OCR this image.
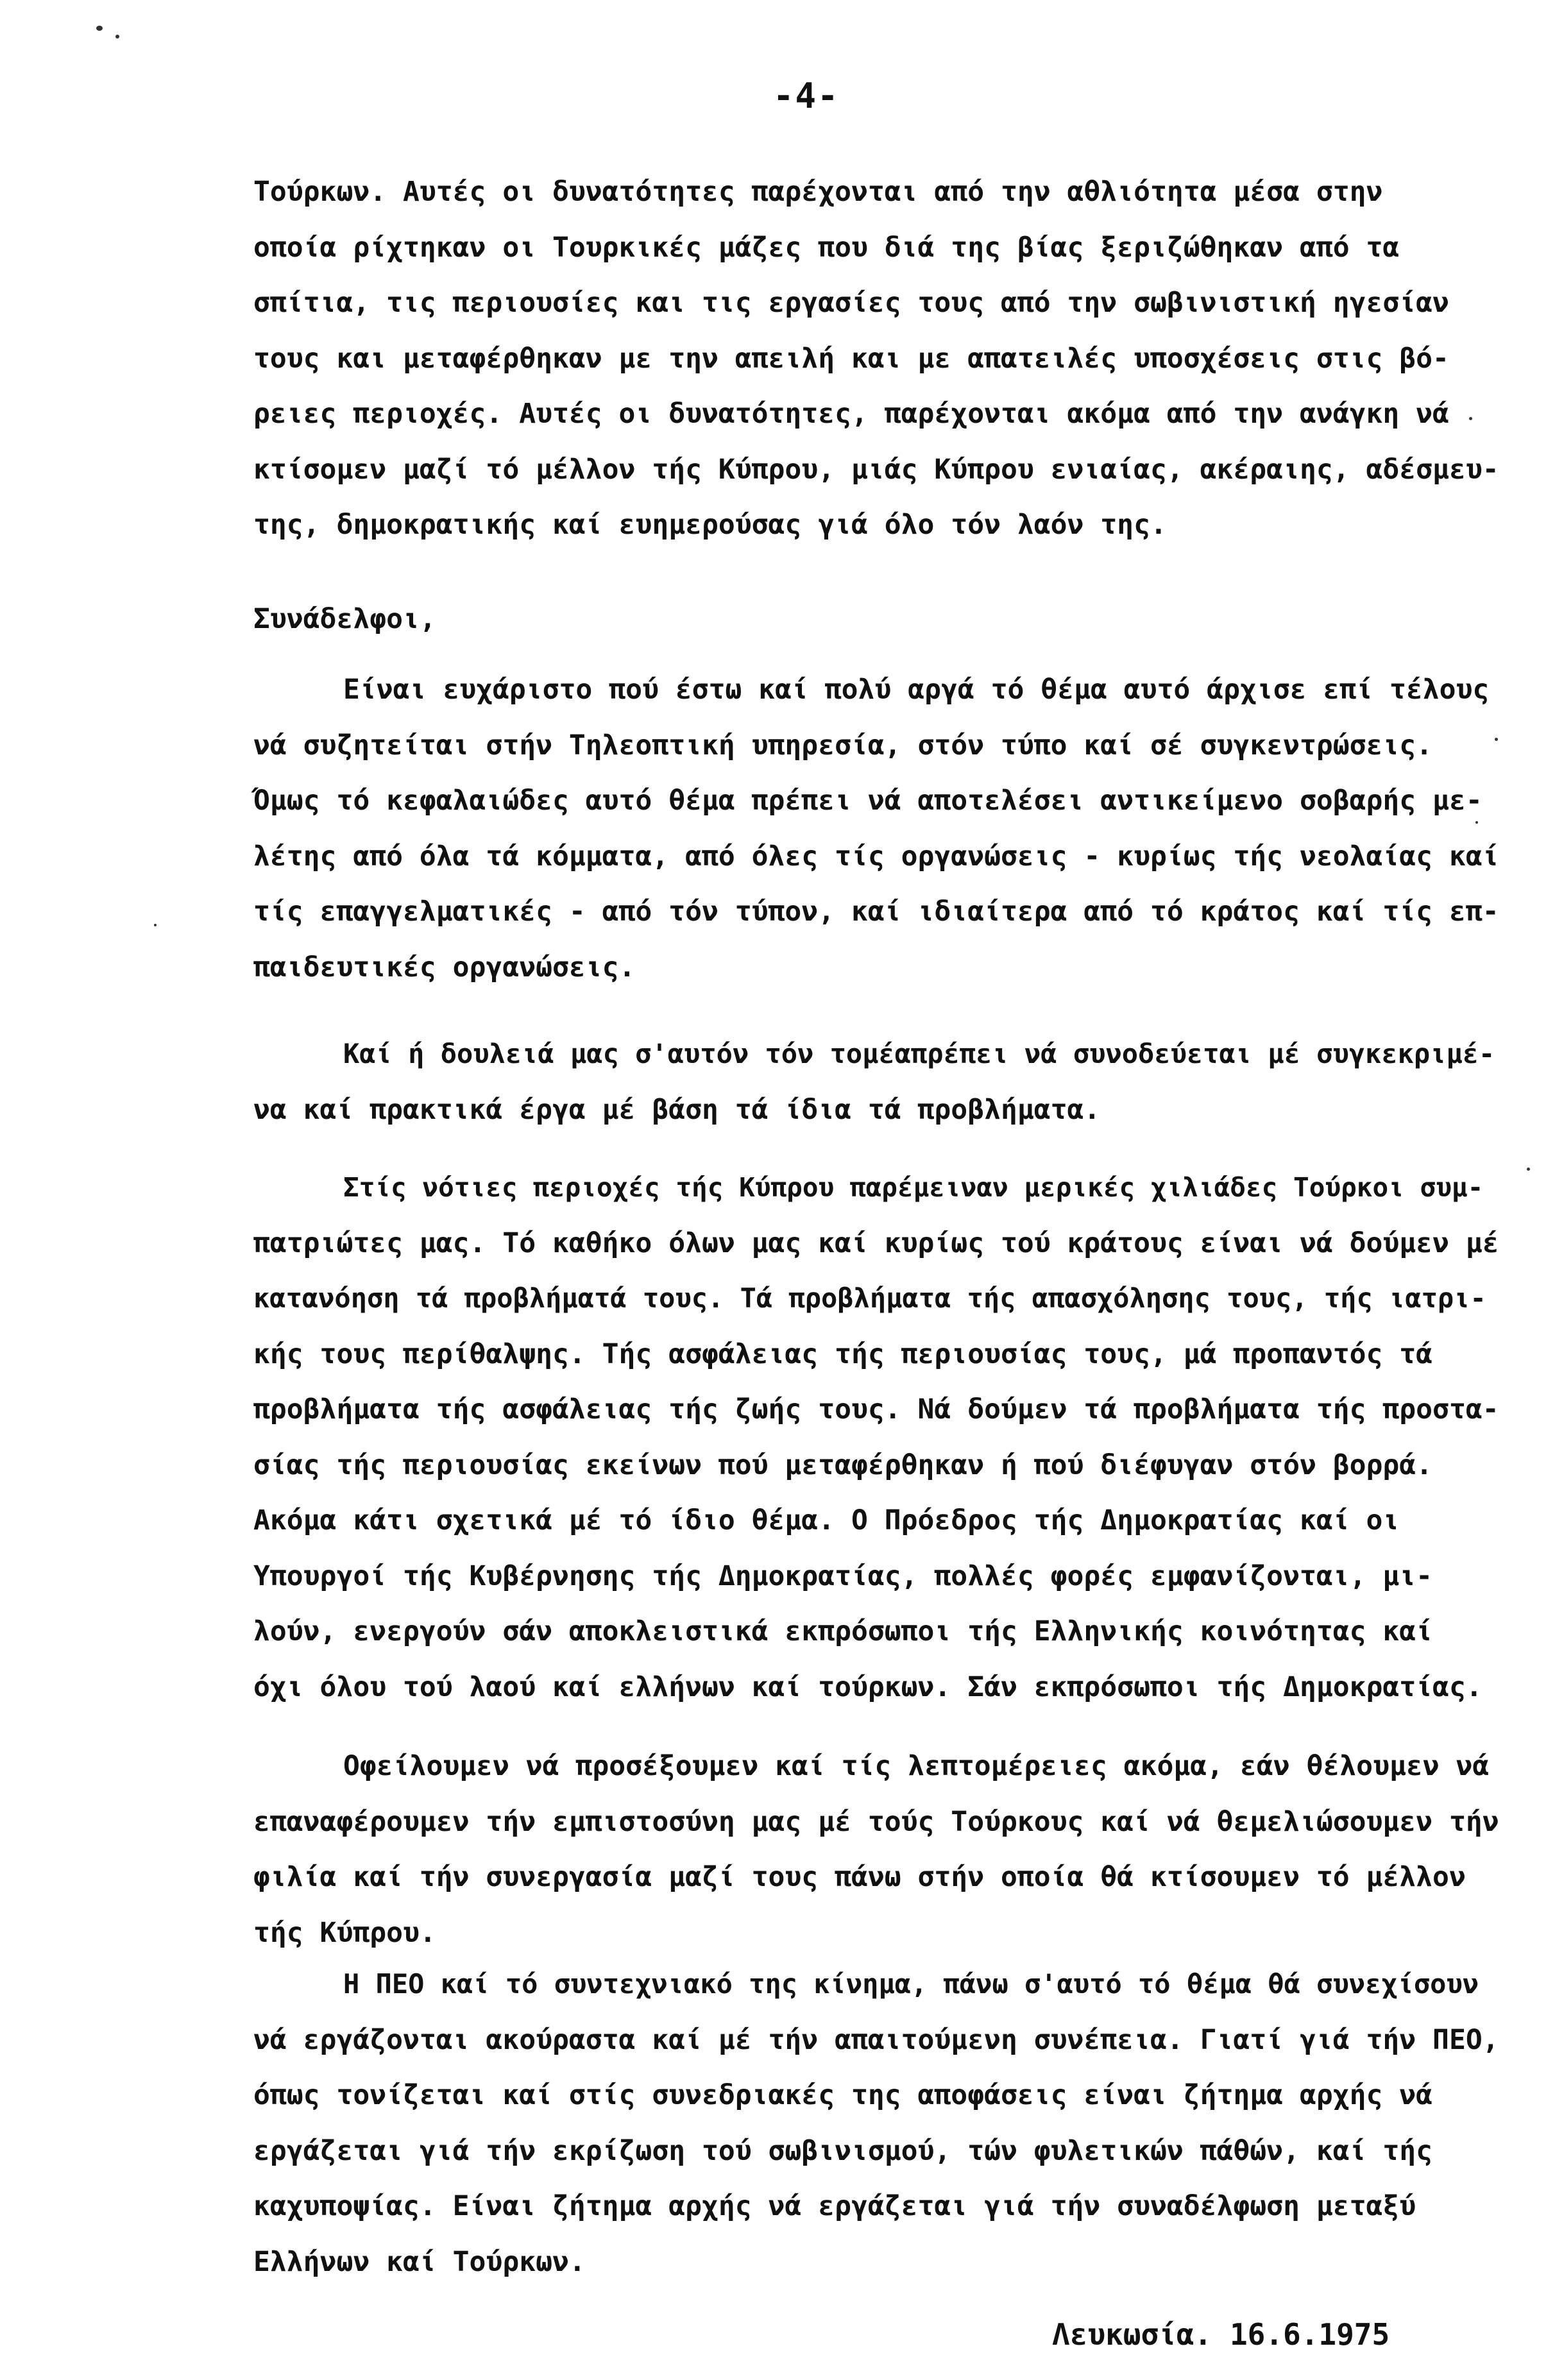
-4-
Τούρκων. Αυτές οι δυνατότητες παρέχονται από την αθλιότητα μέσα στην
οποία ρίχτηκαν οι Τουρκικές μάζες που διά της βίας ξεριζώθηκαν από τα
σπίτια, τις περιουσίες και τις εργασίες τους από την σωβινιστική ηγεσίαν
τους και μεταφέρθηκαν με την απειλή και με απατειλές υποσχέσεις στις βό-
ρειες περιοχές. Αυτές οι δυνατότητες, παρέχονται ακόμα από την ανάγκη νά
κτίσομεν μαζί τό μέλλον τής Κύπρου, μιάς Κύπρου ενιαίας, ακέραιης, αδέσμευ-
της, δημοκρατικής καί ευημερούσας γιά όλο τόν λαόν της.
Συνάδελφοι,
Είναι ευχάριστο πού έστω καί πολύ αργά τό θέμα αυτό άρχισε επί τέλους
νά συζητείται στήν Τηλεοπτική υπηρεσία, στόν τύπο καί σέ συγκεντρώσεις.
Όμως τό κεφαλαιώδες αυτό θέμα πρέπει νά αποτελέσει αντικείμενο σοβαρής με-
λέτης από όλα τά κόμματα, από όλες τίς οργανώσεις - κυρίως τής νεολαίας καί
τίς επαγγελματικές - από τόν τύπον, καί ιδιαίτερα από τό κράτος καί τίς επ-
παιδευτικές οργανώσεις.
Καί ή δουλειά μας σ'αυτόν τόν τομέαπρέπει νά συνοδεύεται μέ συγκεκριμέ-
να καί πρακτικά έργα μέ βάση τά ίδια τά προβλήματα.
Στίς νότιες περιοχές τής Κύπρου παρέμειναν μερικές χιλιάδες Τούρκοι συμ-
πατριώτες μας. Τό καθήκο όλων μας καί κυρίως τού κράτους είναι νά δούμεν μέ
κατανόηση τά προβλήματά τους. Τά προβλήματα τής απασχόλησης τους, τής ιατρι-
κής τους περίθαλψης. Τής ασφάλειας τής περιουσίας τους, μά προπαντός τά
προβλήματα τής ασφάλειας τής ζωής τους. Νά δούμεν τά προβλήματα τής προστα-
σίας τής περιουσίας εκείνων πού μεταφέρθηκαν ή πού διέφυγαν στόν βορρά.
Ακόμα κάτι σχετικά μέ τό ίδιο θέμα. Ο Πρόεδρος τής Δημοκρατίας καί οι
Υπουργοί τής Κυβέρνησης τής Δημοκρατίας, πολλές φορές εμφανίζονται, μι-
λούν, ενεργούν σάν αποκλειστικά εκπρόσωποι τής Ελληνικής κοινότητας καί
όχι όλου τού λαού καί ελλήνων καί τούρκων. Σάν εκπρόσωποι τής Δημοκρατίας.
Οφείλουμεν νά προσέξουμεν καί τίς λεπτομέρειες ακόμα, εάν θέλουμεν νά
επαναφέρουμεν τήν εμπιστοσύνη μας μέ τούς Τούρκους καί νά θεμελιώσουμεν τήν
φιλία καί τήν συνεργασία μαζί τους πάνω στήν οποία θά κτίσουμεν τό μέλλον
τής Κύπρου.
Η ΠΕΟ καί τό συντεχνιακό της κίνημα, πάνω σ'αυτό τό θέμα θά συνεχίσουν
νά εργάζονται ακούραστα καί μέ τήν απαιτούμενη συνέπεια. Γιατί γιά τήν ΠΕΟ,
όπως τονίζεται καί στίς συνεδριακές της αποφάσεις είναι ζήτημα αρχής νά
εργάζεται γιά τήν εκρίζωση τού σωβινισμού, τών φυλετικών πάθών, καί τής
καχυποψίας. Είναι ζήτημα αρχής νά εργάζεται γιά τήν συναδέλφωση μεταξύ
Ελλήνων καί Τούρκων.
Λευκωσία. 16.6.1975
